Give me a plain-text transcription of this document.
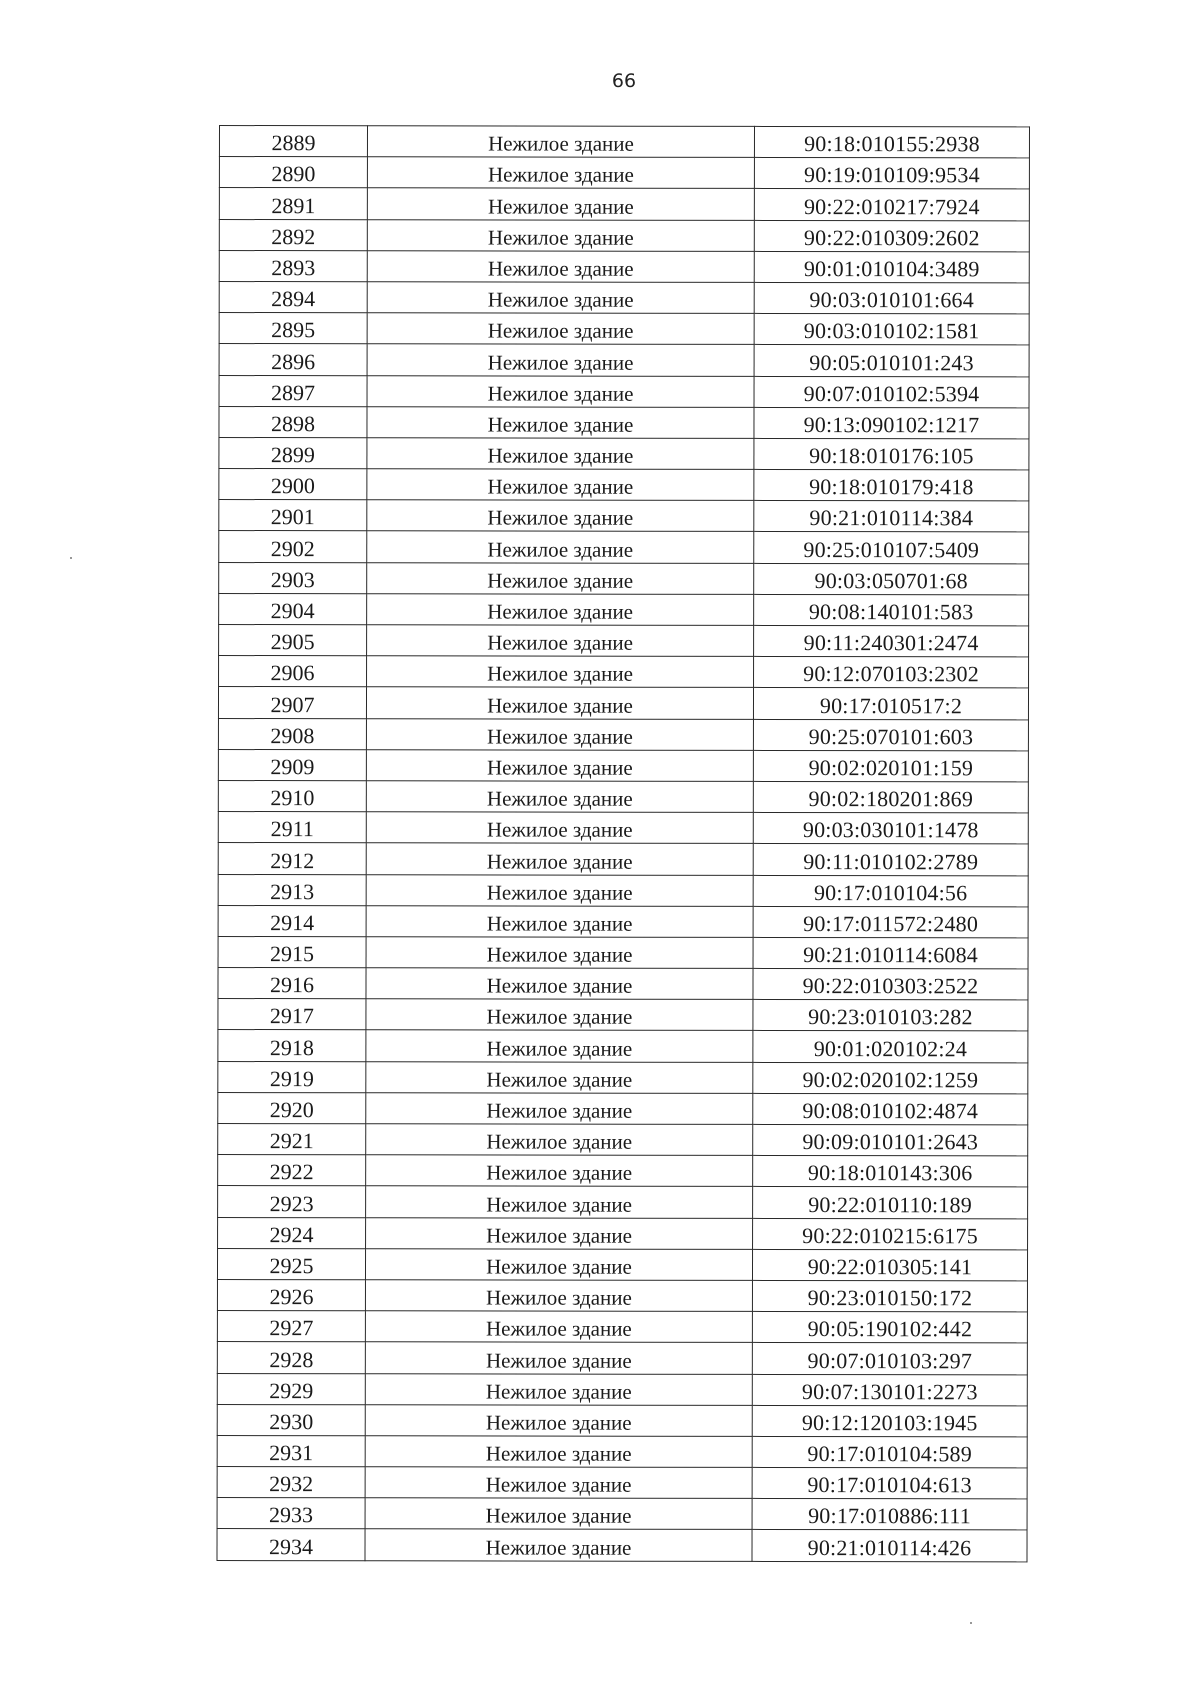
66
2889	Нежилое здание	90:18:010155:2938
2890	Нежилое здание	90:19:010109:9534
2891	Нежилое здание	90:22:010217:7924
2892	Нежилое здание	90:22:010309:2602
2893	Нежилое здание	90:01:010104:3489
2894	Нежилое здание	90:03:010101:664
2895	Нежилое здание	90:03:010102:1581
2896	Нежилое здание	90:05:010101:243
2897	Нежилое здание	90:07:010102:5394
2898	Нежилое здание	90:13:090102:1217
2899	Нежилое здание	90:18:010176:105
2900	Нежилое здание	90:18:010179:418
2901	Нежилое здание	90:21:010114:384
2902	Нежилое здание	90:25:010107:5409
2903	Нежилое здание	90:03:050701:68
2904	Нежилое здание	90:08:140101:583
2905	Нежилое здание	90:11:240301:2474
2906	Нежилое здание	90:12:070103:2302
2907	Нежилое здание	90:17:010517:2
2908	Нежилое здание	90:25:070101:603
2909	Нежилое здание	90:02:020101:159
2910	Нежилое здание	90:02:180201:869
2911	Нежилое здание	90:03:030101:1478
2912	Нежилое здание	90:11:010102:2789
2913	Нежилое здание	90:17:010104:56
2914	Нежилое здание	90:17:011572:2480
2915	Нежилое здание	90:21:010114:6084
2916	Нежилое здание	90:22:010303:2522
2917	Нежилое здание	90:23:010103:282
2918	Нежилое здание	90:01:020102:24
2919	Нежилое здание	90:02:020102:1259
2920	Нежилое здание	90:08:010102:4874
2921	Нежилое здание	90:09:010101:2643
2922	Нежилое здание	90:18:010143:306
2923	Нежилое здание	90:22:010110:189
2924	Нежилое здание	90:22:010215:6175
2925	Нежилое здание	90:22:010305:141
2926	Нежилое здание	90:23:010150:172
2927	Нежилое здание	90:05:190102:442
2928	Нежилое здание	90:07:010103:297
2929	Нежилое здание	90:07:130101:2273
2930	Нежилое здание	90:12:120103:1945
2931	Нежилое здание	90:17:010104:589
2932	Нежилое здание	90:17:010104:613
2933	Нежилое здание	90:17:010886:111
2934	Нежилое здание	90:21:010114:426
